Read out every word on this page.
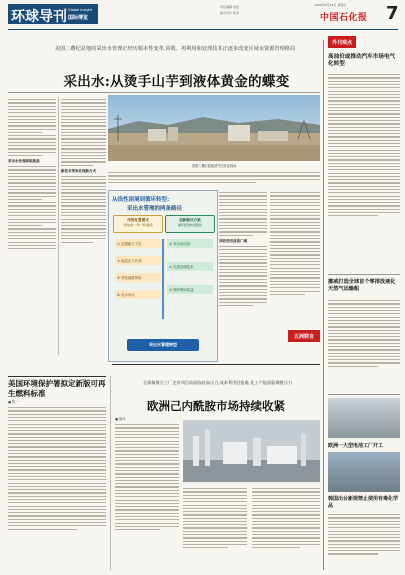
环球导刊 Global Insight
国际博览
责任编辑 电话
版式设计 校对
2024年4月26日 星期五
中国石化报 7
美国二叠纪盆地的采出水管理正经历根本性变革,回收、再利用和处理技术正逐步改变区域水资源管理格局
采出水:从烫手山芋到液体黄金的蝶变
采出水处理面临挑战
新技术带来处理新方式
美国二叠纪盆地油气田作业现场
从线性困境到循环转型:
采出水管理的两条路径
传统处置模式
线性(取一用一弃)路线
创新解决方案
循环经济转型路径
① 处置能力不足
② 地层压力升高
③ 诱发地震风险
④ 淡水争议
① 采出水回用
② 先进处理技术
③ 循环利用收益
采出水管理转型
回收利用前景广阔
外刊观点
高油价或推动汽车市场电气化转型
挪威打造全球首个零排放液化天然气运输船
五洲联言
欧洲一大型电池工厂开工
韩国出台新规禁止使用有毒化学品
美国环境保护署拟定新版可再生燃料标准
■ 陈一
全球氟聚合工厂企业项目前面临较高压力,成本利用回报难,化工产能面临调整压力
欧洲己内酰胺市场持续收紧
■ 编译
